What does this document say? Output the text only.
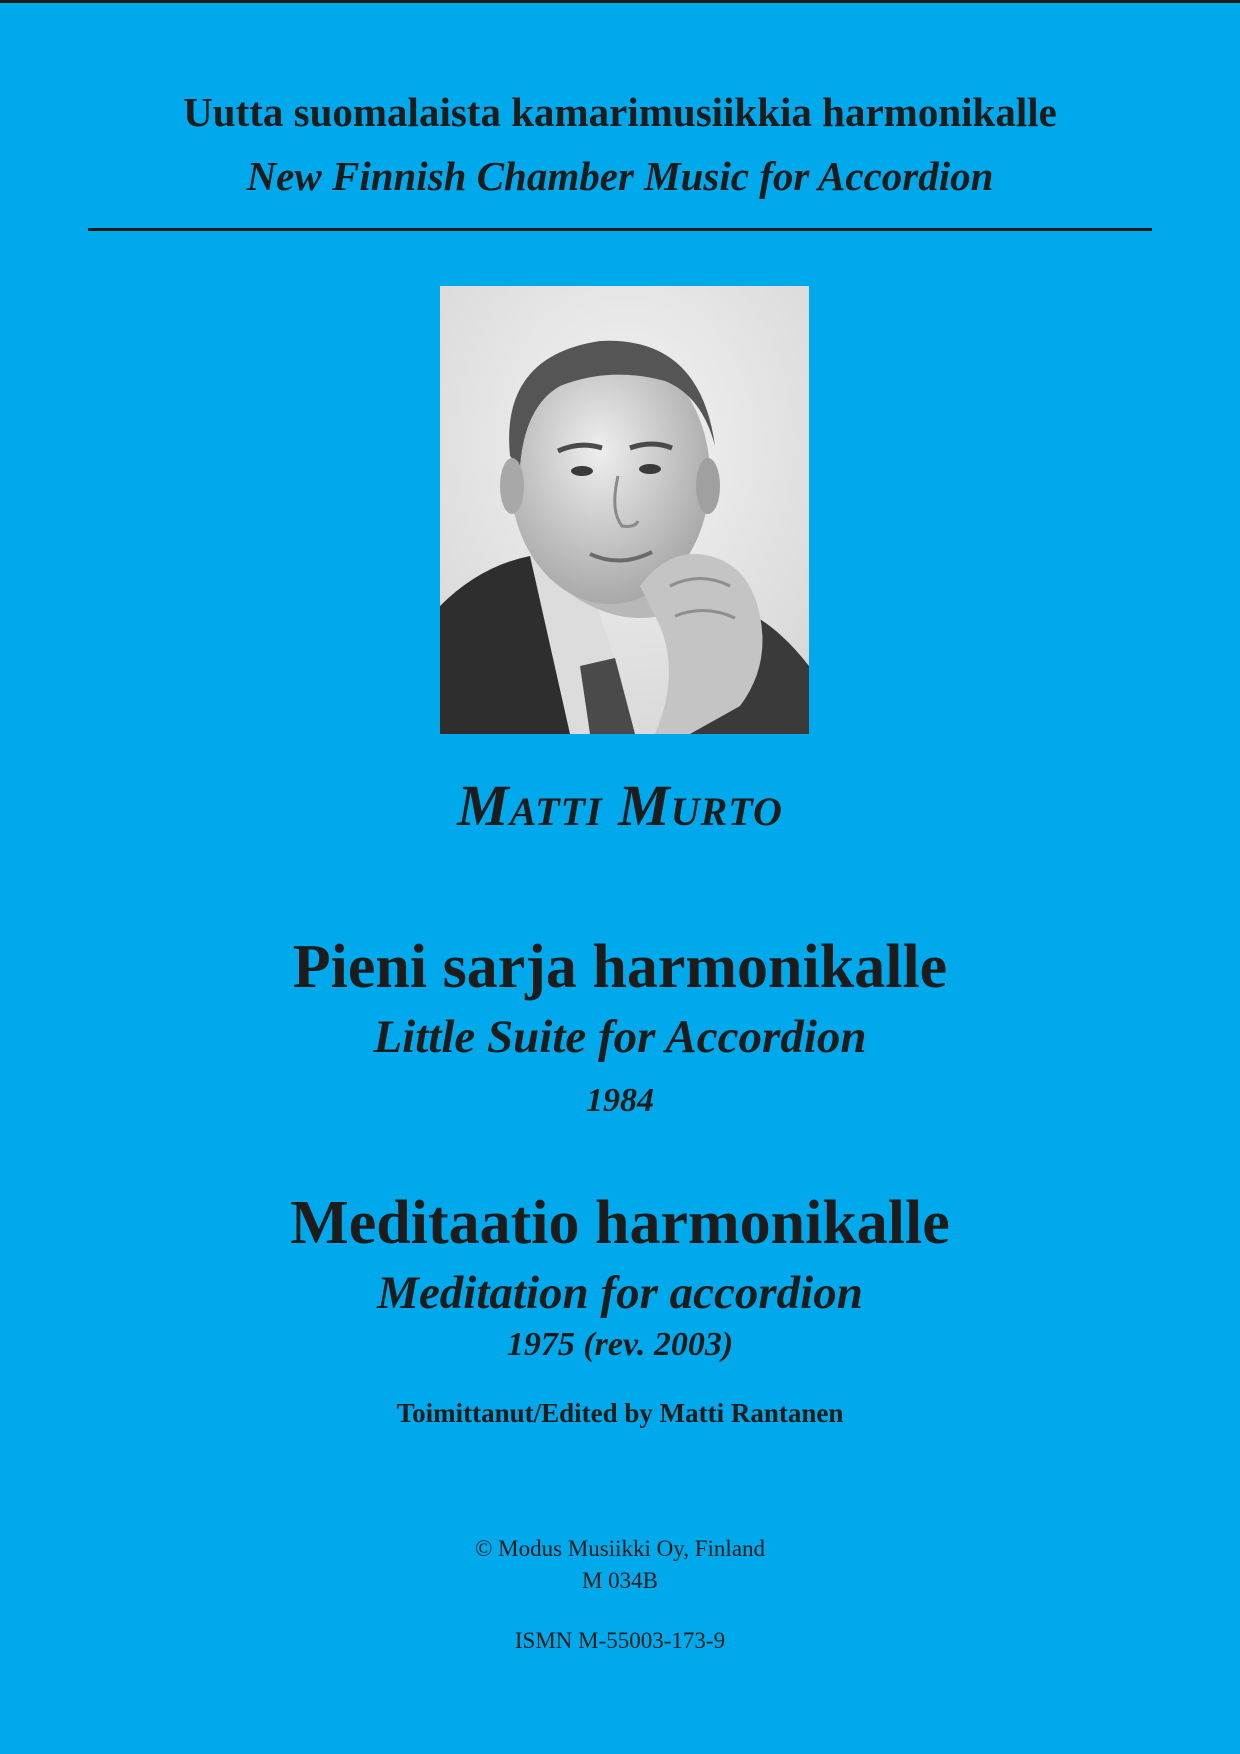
Uutta suomalaista kamarimusiikkia harmonikalle
New Finnish Chamber Music for Accordion
MATTI MURTO
Pieni sarja harmonikalle
Little Suite for Accordion
1984
Meditaatio harmonikalle
Meditation for accordion
1975 (rev. 2003)
Toimittanut/Edited by Matti Rantanen
© Modus Musiikki Oy, Finland
M 034B
ISMN M-55003-173-9
